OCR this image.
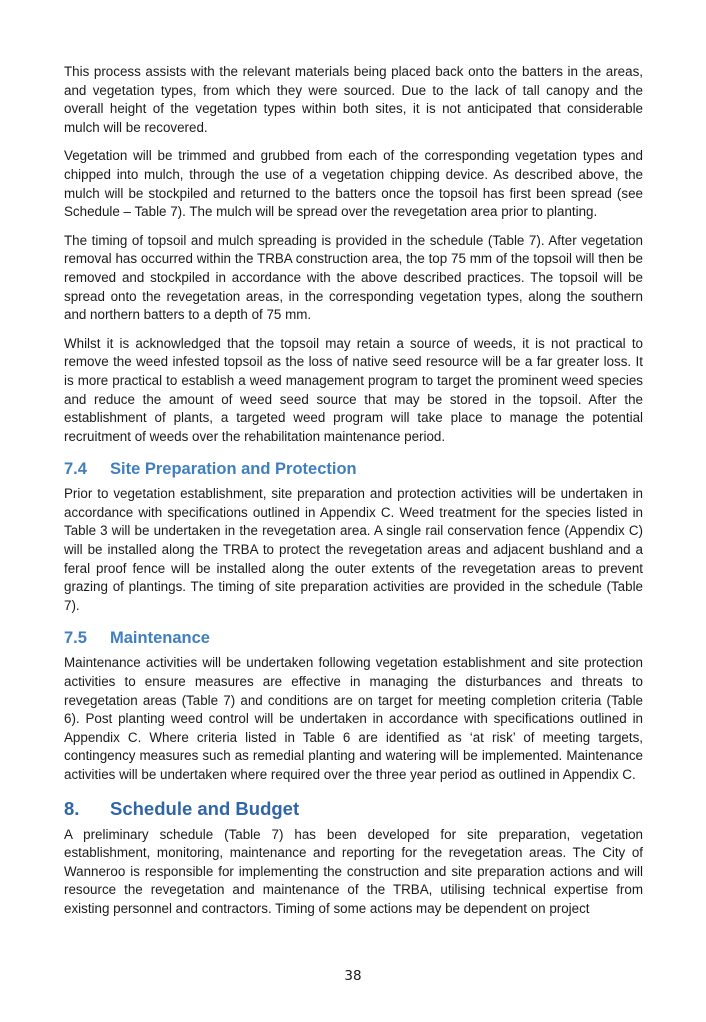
This process assists with the relevant materials being placed back onto the batters in the areas, and vegetation types, from which they were sourced. Due to the lack of tall canopy and the overall height of the vegetation types within both sites, it is not anticipated that considerable mulch will be recovered.

Vegetation will be trimmed and grubbed from each of the corresponding vegetation types and chipped into mulch, through the use of a vegetation chipping device. As described above, the mulch will be stockpiled and returned to the batters once the topsoil has first been spread (see Schedule – Table 7). The mulch will be spread over the revegetation area prior to planting.

The timing of topsoil and mulch spreading is provided in the schedule (Table 7). After vegetation removal has occurred within the TRBA construction area, the top 75 mm of the topsoil will then be removed and stockpiled in accordance with the above described practices. The topsoil will be spread onto the revegetation areas, in the corresponding vegetation types, along the southern and northern batters to a depth of 75 mm.

Whilst it is acknowledged that the topsoil may retain a source of weeds, it is not practical to remove the weed infested topsoil as the loss of native seed resource will be a far greater loss. It is more practical to establish a weed management program to target the prominent weed species and reduce the amount of weed seed source that may be stored in the topsoil. After the establishment of plants, a targeted weed program will take place to manage the potential recruitment of weeds over the rehabilitation maintenance period.

7.4	Site Preparation and Protection

Prior to vegetation establishment, site preparation and protection activities will be undertaken in accordance with specifications outlined in Appendix C. Weed treatment for the species listed in Table 3 will be undertaken in the revegetation area. A single rail conservation fence (Appendix C) will be installed along the TRBA to protect the revegetation areas and adjacent bushland and a feral proof fence will be installed along the outer extents of the revegetation areas to prevent grazing of plantings. The timing of site preparation activities are provided in the schedule (Table 7).

7.5	Maintenance

Maintenance activities will be undertaken following vegetation establishment and site protection activities to ensure measures are effective in managing the disturbances and threats to revegetation areas (Table 7) and conditions are on target for meeting completion criteria (Table 6). Post planting weed control will be undertaken in accordance with specifications outlined in Appendix C. Where criteria listed in Table 6 are identified as ‘at risk’ of meeting targets, contingency measures such as remedial planting and watering will be implemented. Maintenance activities will be undertaken where required over the three year period as outlined in Appendix C.

8.	Schedule and Budget

A preliminary schedule (Table 7) has been developed for site preparation, vegetation establishment, monitoring, maintenance and reporting for the revegetation areas. The City of Wanneroo is responsible for implementing the construction and site preparation actions and will resource the revegetation and maintenance of the TRBA, utilising technical expertise from existing personnel and contractors. Timing of some actions may be dependent on project

38
